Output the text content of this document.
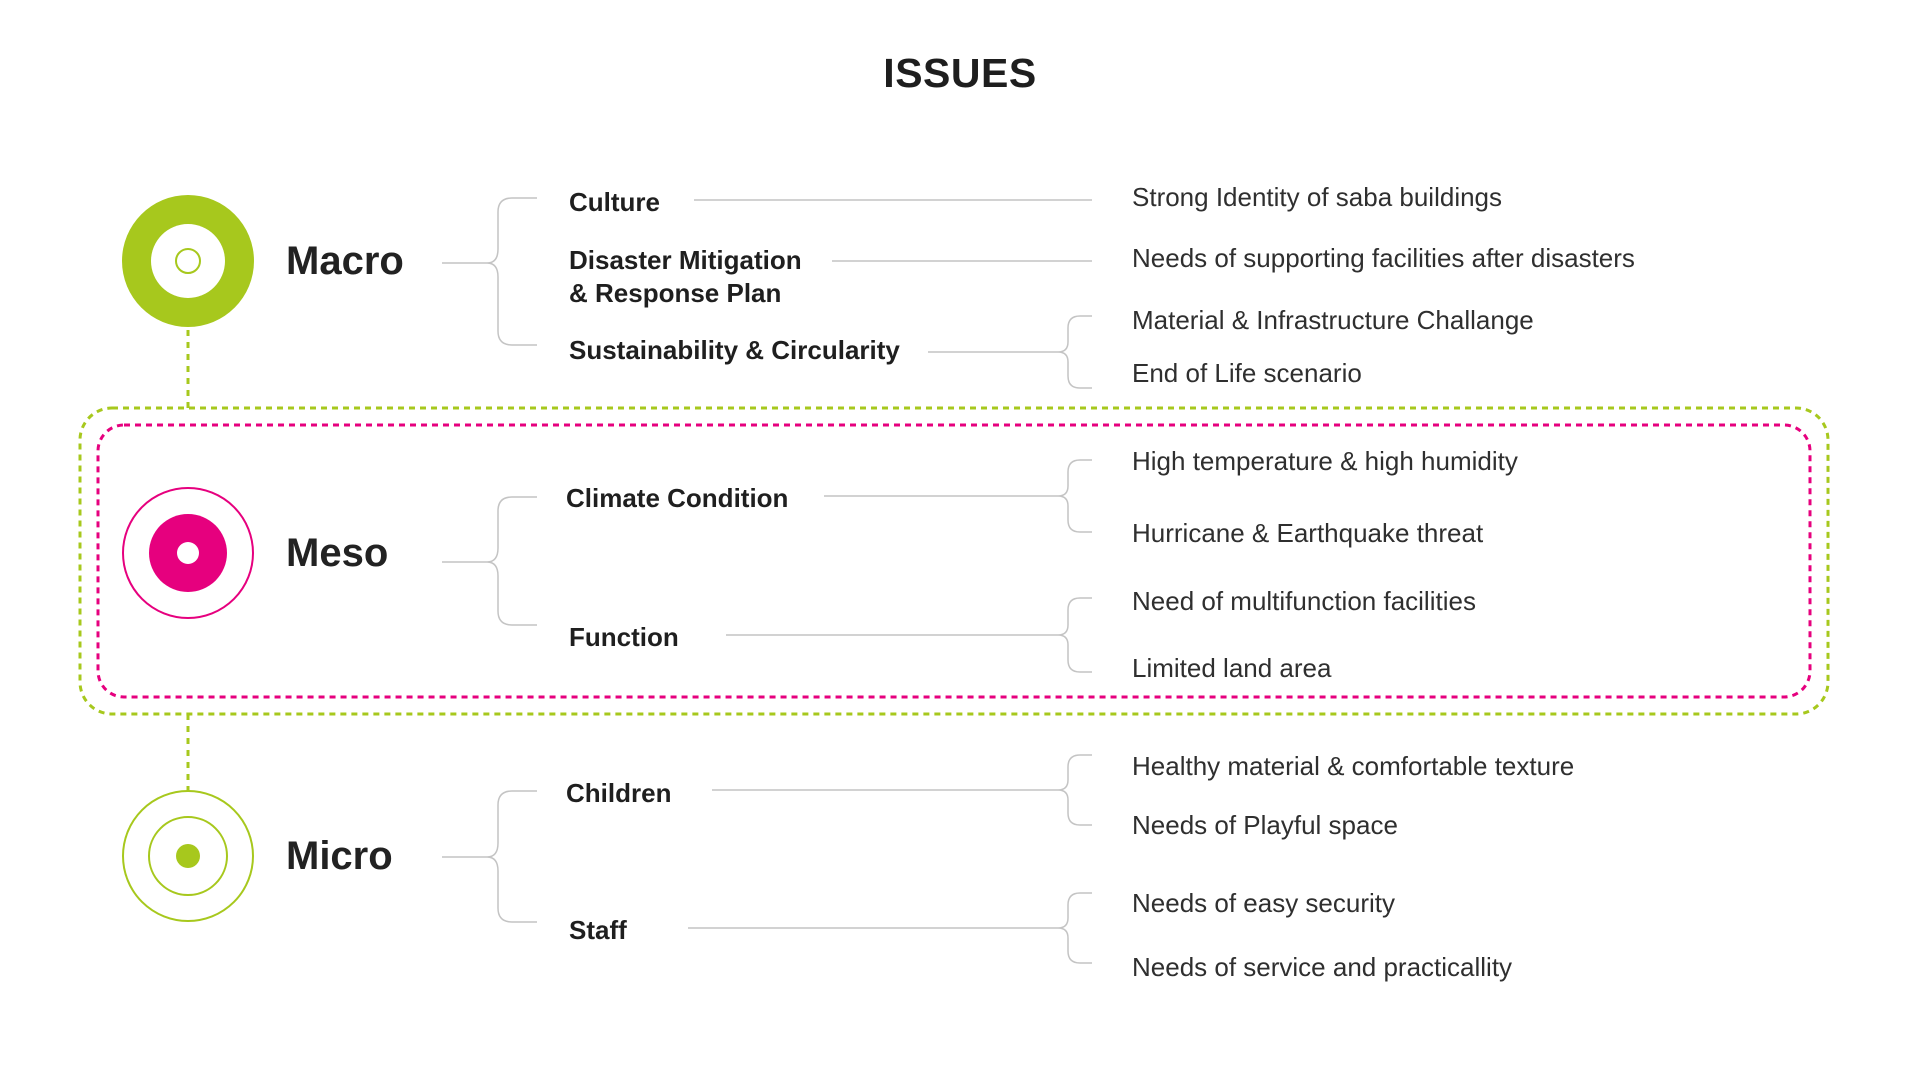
ISSUES
Macro
Meso
Micro
Culture
Disaster Mitigation
& Response Plan
Sustainability & Circularity
Strong Identity of saba buildings
Needs of supporting facilities after disasters
Material & Infrastructure Challange
End of Life scenario
Climate Condition
Function
High temperature & high humidity
Hurricane & Earthquake threat
Need of multifunction facilities
Limited land area
Children
Staff
Healthy material & comfortable texture
Needs of Playful space
Needs of easy security
Needs of service and practicallity
